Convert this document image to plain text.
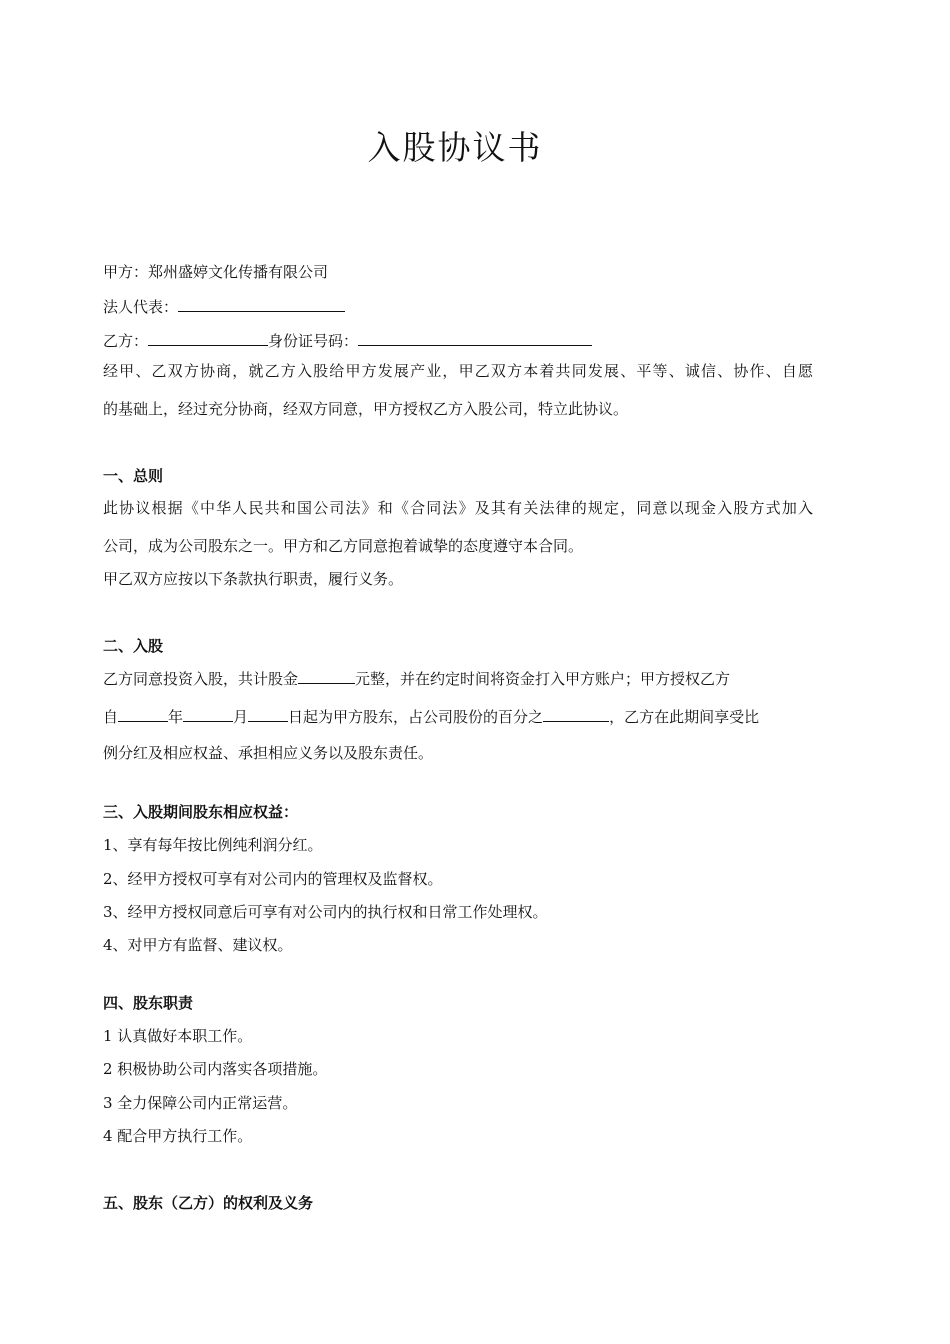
入股协议书
甲方：郑州盛婷文化传播有限公司
法人代表：
乙方：	身份证号码：
经甲、乙双方协商，就乙方入股给甲方发展产业，甲乙双方本着共同发展、平等、诚信、协作、自愿
的基础上，经过充分协商，经双方同意，甲方授权乙方入股公司，特立此协议。
一、总则
此协议根据《中华人民共和国公司法》和《合同法》及其有关法律的规定，同意以现金入股方式加入
公司，成为公司股东之一。甲方和乙方同意抱着诚挚的态度遵守本合同。
甲乙双方应按以下条款执行职责，履行义务。
二、入股
乙方同意投资入股，共计股金	元整，并在约定时间将资金打入甲方账户；甲方授权乙方
自	年	月	日起为甲方股东，占公司股份的百分之	，乙方在此期间享受比
例分红及相应权益、承担相应义务以及股东责任。
三、入股期间股东相应权益：
1、享有每年按比例纯利润分红。
2、经甲方授权可享有对公司内的管理权及监督权。
3、经甲方授权同意后可享有对公司内的执行权和日常工作处理权。
4、对甲方有监督、建议权。
四、股东职责
1 认真做好本职工作。
2 积极协助公司内落实各项措施。
3 全力保障公司内正常运营。
4 配合甲方执行工作。
五、股东（乙方）的权利及义务
